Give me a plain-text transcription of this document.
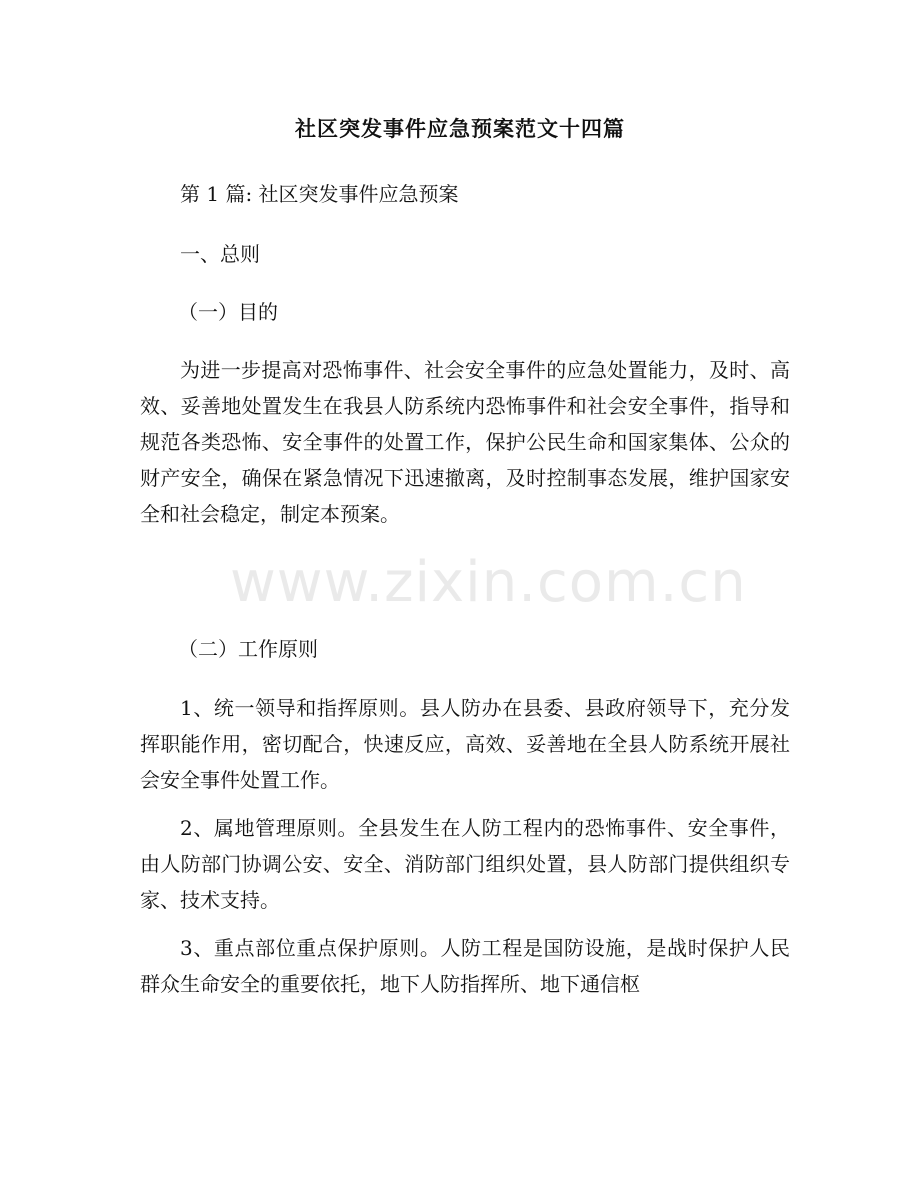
社区突发事件应急预案范文十四篇
第 1 篇: 社区突发事件应急预案
一、总则
（一）目的
为进一步提高对恐怖事件、社会安全事件的应急处置能力，及时、高效、妥善地处置发生在我县人防系统内恐怖事件和社会安全事件，指导和规范各类恐怖、安全事件的处置工作，保护公民生命和国家集体、公众的财产安全，确保在紧急情况下迅速撤离，及时控制事态发展，维护国家安全和社会稳定，制定本预案。
（二）工作原则
1、统一领导和指挥原则。县人防办在县委、县政府领导下，充分发挥职能作用，密切配合，快速反应，高效、妥善地在全县人防系统开展社会安全事件处置工作。
2、属地管理原则。全县发生在人防工程内的恐怖事件、安全事件，由人防部门协调公安、安全、消防部门组织处置，县人防部门提供组织专家、技术支持。
3、重点部位重点保护原则。人防工程是国防设施，是战时保护人民群众生命安全的重要依托，地下人防指挥所、地下通信枢
www.zixin.com.cn
